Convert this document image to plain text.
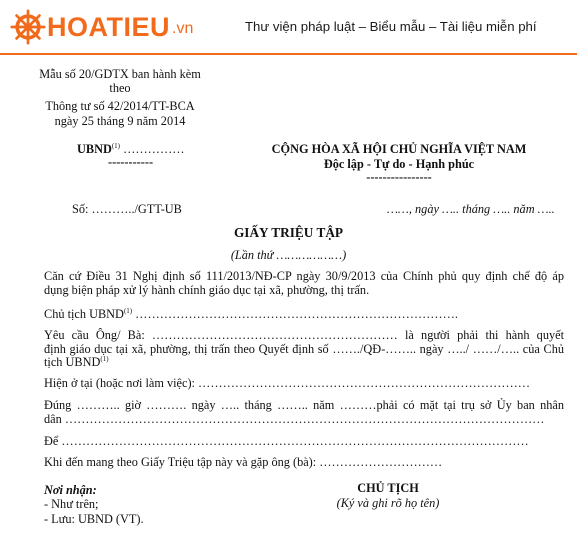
HOATIEU .vn	Thư viện pháp luật – Biểu mẫu – Tài liệu miễn phí
Mẫu số 20/GDTX ban hành kèm
theo
Thông tư số 42/2014/TT-BCA
ngày 25 tháng 9 năm 2014
UBND$^{(1)}$ ……………
-----------
CỘNG HÒA XÃ HỘI CHỦ NGHĨA VIỆT NAM
Độc lập - Tự do - Hạnh phúc
----------------
Số: ………../GTT-UB	……, ngày ….. tháng ….. năm …..
GIẤY TRIỆU TẬP
(Lần thứ ………………)
Căn cứ Điều 31 Nghị định số 111/2013/NĐ-CP ngày 30/9/2013 của Chính phủ quy định chế độ áp
dụng biện pháp xử lý hành chính giáo dục tại xã, phường, thị trấn.
Chủ tịch UBND$^{(1)}$ …………………………………………………………………….
Yêu cầu Ông/ Bà: …………………………………………………… là người phải thi hành quyết
định giáo dục tại xã, phường, thị trấn theo Quyết định số ……./QĐ-…….. ngày …../ ……/….. của Chủ
tịch UBND$^{(1)}$
Hiện ở tại (hoặc nơi làm việc): ………………………………………………………………………
Đúng ……….. giờ ………. ngày ….. tháng …….. năm ………phải có mặt tại trụ sở Ủy ban nhân
dân ………………………………………………………………………………………………………
Để ……………………………………………………………………………………………………
Khi đến mang theo Giấy Triệu tập này và gặp ông (bà): …………………………
Nơi nhận:
- Như trên;
- Lưu: UBND (VT).
CHỦ TỊCH
(Ký và ghi rõ họ tên)
